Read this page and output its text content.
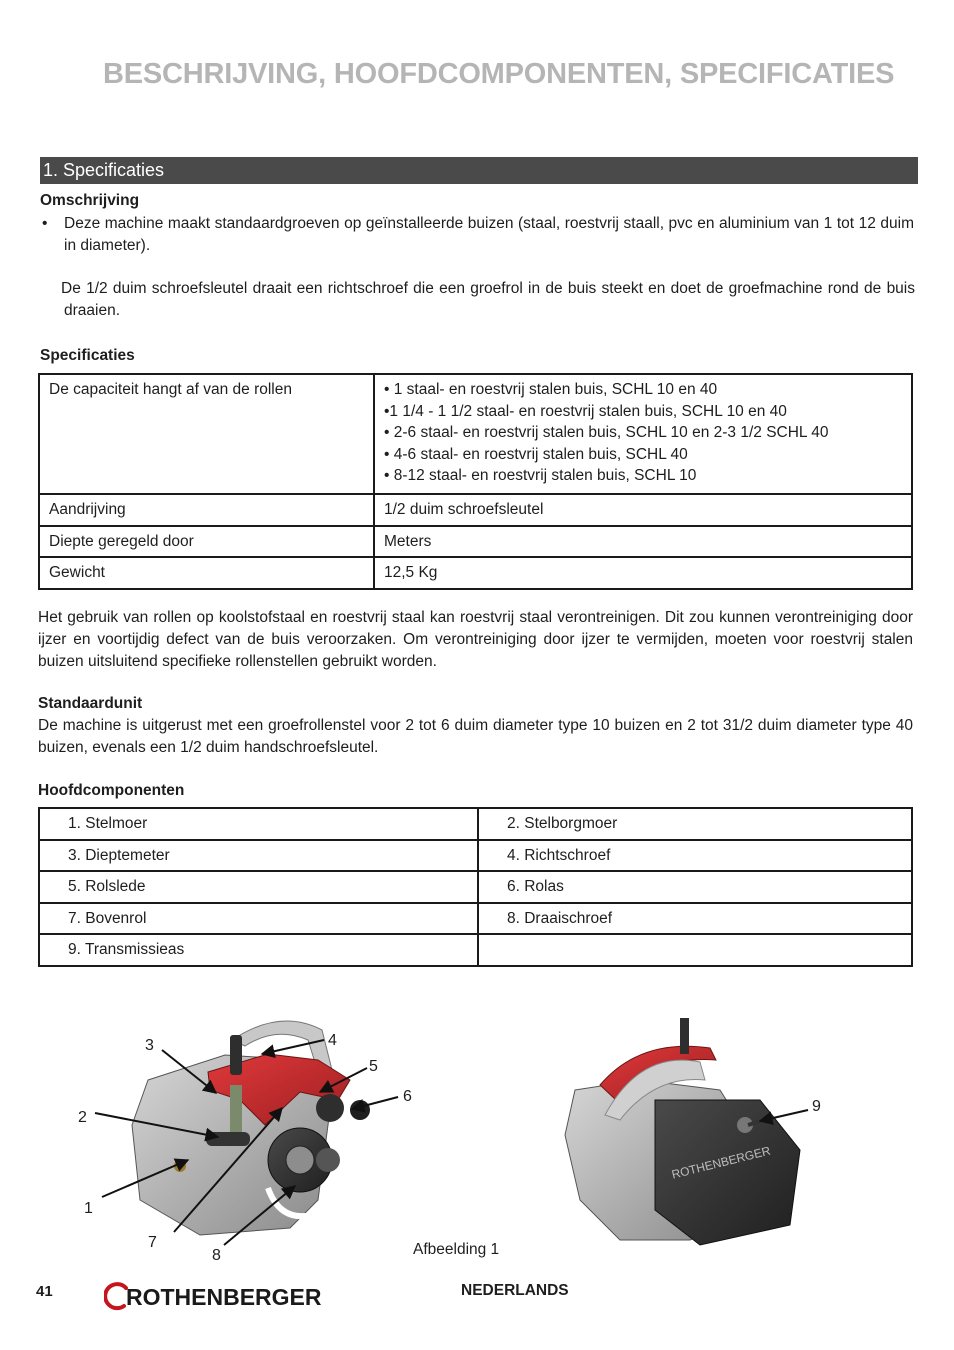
BESCHRIJVING, HOOFDCOMPONENTEN, SPECIFICATIES
1. Specificaties

Omschrijving

• Deze machine maakt standaardgroeven op geïnstalleerde buizen (staal, roestvrij staall, pvc en aluminium van 1 tot 12 duim in diameter).

De 1/2 duim schroefsleutel draait een richtschroef die een groefrol in de buis steekt en doet de groefmachine rond de buis draaien.

Specificaties

De capaciteit hangt af van de rollen	• 1 staal- en roestvrij stalen buis, SCHL 10 en 40
•1 1/4 - 1 1/2 staal- en roestvrij stalen buis, SCHL 10 en 40
• 2-6 staal- en roestvrij stalen buis, SCHL 10 en 2-3 1/2 SCHL 40
• 4-6 staal- en roestvrij stalen buis, SCHL 40
• 8-12 staal- en roestvrij stalen buis, SCHL 10

Aandrijving	1/2 duim schroefsleutel
Diepte geregeld door	Meters
Gewicht	12,5 Kg

Het gebruik van rollen op koolstofstaal en roestvrij staal kan roestvrij staal verontreinigen. Dit zou kunnen verontreiniging door ijzer en voortijdig defect van de buis veroorzaken. Om verontreiniging door ijzer te vermijden, moeten voor roestvrij stalen buizen uitsluitend specifieke rollenstellen gebruikt worden.

Standaardunit

De machine is uitgerust met een groefrollenstel voor 2 tot 6 duim diameter type 10 buizen en 2 tot 31/2 duim diameter type 40 buizen, evenals een 1/2 duim handschroefsleutel.

Hoofdcomponenten

1. Stelmoer	2. Stelborgmoer
3. Dieptemeter	4. Richtschroef
5. Rolslede	6. Rolas
7. Bovenrol	8. Draaischroef
9. Transmissieas	
ROTHENBERGER
1
2
3	4
5
6
7
8
9
Afbeelding 1
41	ROTHENBERGER	NEDERLANDS
